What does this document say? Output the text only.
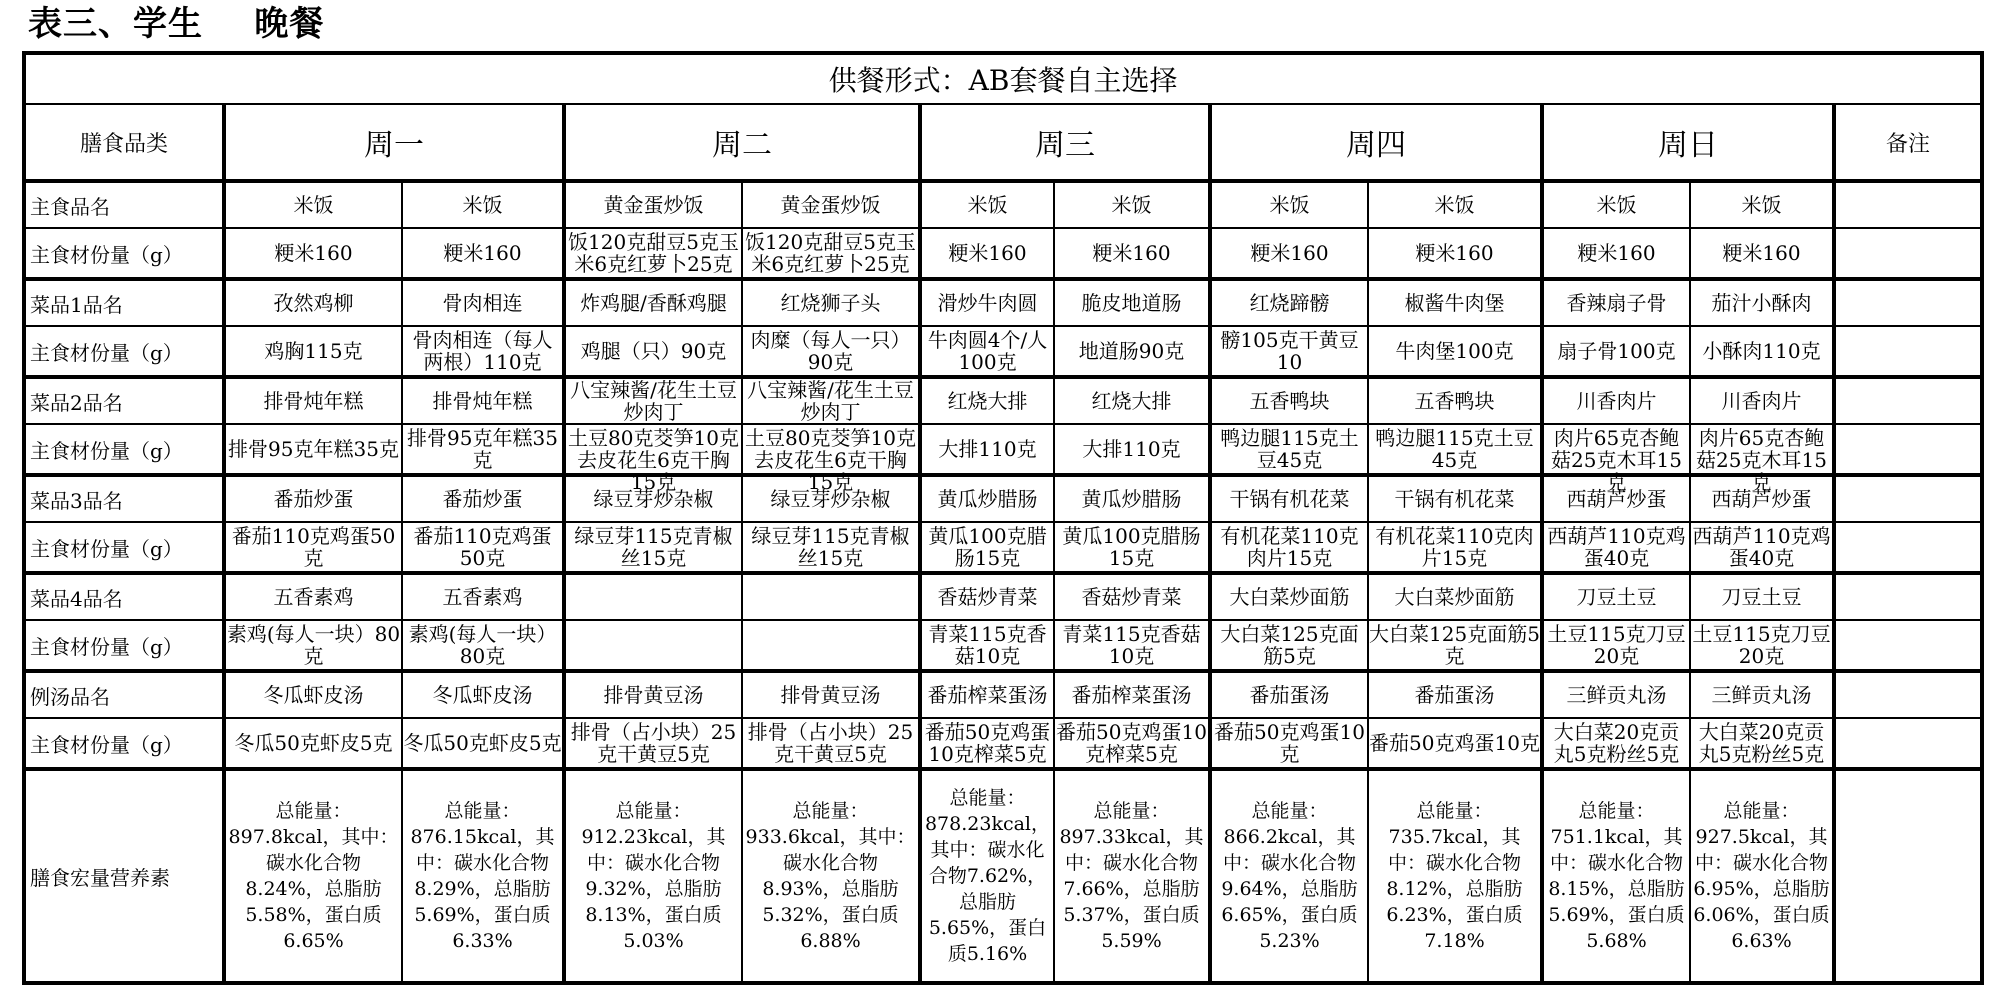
表三、学生    晚餐
供餐形式：AB套餐自主选择											
膳食品类	周一		周二		周三		周四		周日		备注
主食品名	米饭	米饭	黄金蛋炒饭	黄金蛋炒饭	米饭	米饭	米饭	米饭	米饭	米饭	
主食材份量（g）	粳米160	粳米160	饭120克甜豆5克玉米6克红萝卜25克	饭120克甜豆5克玉米6克红萝卜25克	粳米160	粳米160	粳米160	粳米160	粳米160	粳米160	

菜品1品名	孜然鸡柳	骨肉相连	炸鸡腿/香酥鸡腿	红烧狮子头	滑炒牛肉圆	脆皮地道肠	红烧蹄髈	椒酱牛肉堡	香辣扇子骨	茄汁小酥肉	
主食材份量（g）	鸡胸115克	骨肉相连（每人两根）110克	鸡腿（只）90克	肉糜（每人一只）90克	牛肉圆4个/人100克	地道肠90克	髈105克干黄豆10	牛肉堡100克	扇子骨100克	小酥肉110克	

菜品2品名	排骨炖年糕	排骨炖年糕	八宝辣酱/花生土豆炒肉丁	八宝辣酱/花生土豆炒肉丁	红烧大排	红烧大排	五香鸭块	五香鸭块	川香肉片	川香肉片	
主食材份量（g）	排骨95克年糕35克	排骨95克年糕35克	土豆80克茭笋10克去皮花生6克干胸15克	土豆80克茭笋10克去皮花生6克干胸15克	大排110克	大排110克	鸭边腿115克土豆45克	鸭边腿115克土豆45克	肉片65克杏鲍菇25克木耳15克	肉片65克杏鲍菇25克木耳15克	

菜品3品名	番茄炒蛋	番茄炒蛋	绿豆芽炒杂椒	绿豆芽炒杂椒	黄瓜炒腊肠	黄瓜炒腊肠	干锅有机花菜	干锅有机花菜	西葫芦炒蛋	西葫芦炒蛋	
主食材份量（g）	番茄110克鸡蛋50克	番茄110克鸡蛋50克	绿豆芽115克青椒丝15克	绿豆芽115克青椒丝15克	黄瓜100克腊肠15克	黄瓜100克腊肠15克	有机花菜110克肉片15克	有机花菜110克肉片15克	西葫芦110克鸡蛋40克	西葫芦110克鸡蛋40克	

菜品4品名	五香素鸡	五香素鸡			香菇炒青菜	香菇炒青菜	大白菜炒面筋	大白菜炒面筋	刀豆土豆	刀豆土豆	
主食材份量（g）	素鸡(每人一块）80克	素鸡(每人一块）80克			青菜115克香菇10克	青菜115克香菇10克	大白菜125克面筋5克	大白菜125克面筋5克	土豆115克刀豆20克	土豆115克刀豆20克	

例汤品名	冬瓜虾皮汤	冬瓜虾皮汤	排骨黄豆汤	排骨黄豆汤	番茄榨菜蛋汤	番茄榨菜蛋汤	番茄蛋汤	番茄蛋汤	三鲜贡丸汤	三鲜贡丸汤	
主食材份量（g）	冬瓜50克虾皮5克	冬瓜50克虾皮5克	排骨（占小块）25克干黄豆5克	排骨（占小块）25克干黄豆5克	番茄50克鸡蛋10克榨菜5克	番茄50克鸡蛋10克榨菜5克	番茄50克鸡蛋10克	番茄50克鸡蛋10克	大白菜20克贡丸5克粉丝5克	大白菜20克贡丸5克粉丝5克	

膳食宏量营养素	总能量：897.8kcal，其中：碳水化合物8.24%，总脂肪5.58%，蛋白质6.65%	总能量：876.15kcal，其中：碳水化合物8.29%，总脂肪5.69%，蛋白质6.33%	总能量：912.23kcal，其中：碳水化合物9.32%，总脂肪8.13%，蛋白质5.03%	总能量：933.6kcal，其中：碳水化合物8.93%，总脂肪5.32%，蛋白质6.88%	总能量：878.23kcal，其中：碳水化合物7.62%，总脂肪5.65%，蛋白质5.16%	总能量：897.33kcal，其中：碳水化合物7.66%，总脂肪5.37%，蛋白质5.59%	总能量：866.2kcal，其中：碳水化合物9.64%，总脂肪6.65%，蛋白质5.23%	总能量：735.7kcal，其中：碳水化合物8.12%，总脂肪6.23%，蛋白质7.18%	总能量：751.1kcal，其中：碳水化合物8.15%，总脂肪5.69%，蛋白质5.68%	总能量：927.5kcal，其中：碳水化合物6.95%，总脂肪6.06%，蛋白质6.63%	
